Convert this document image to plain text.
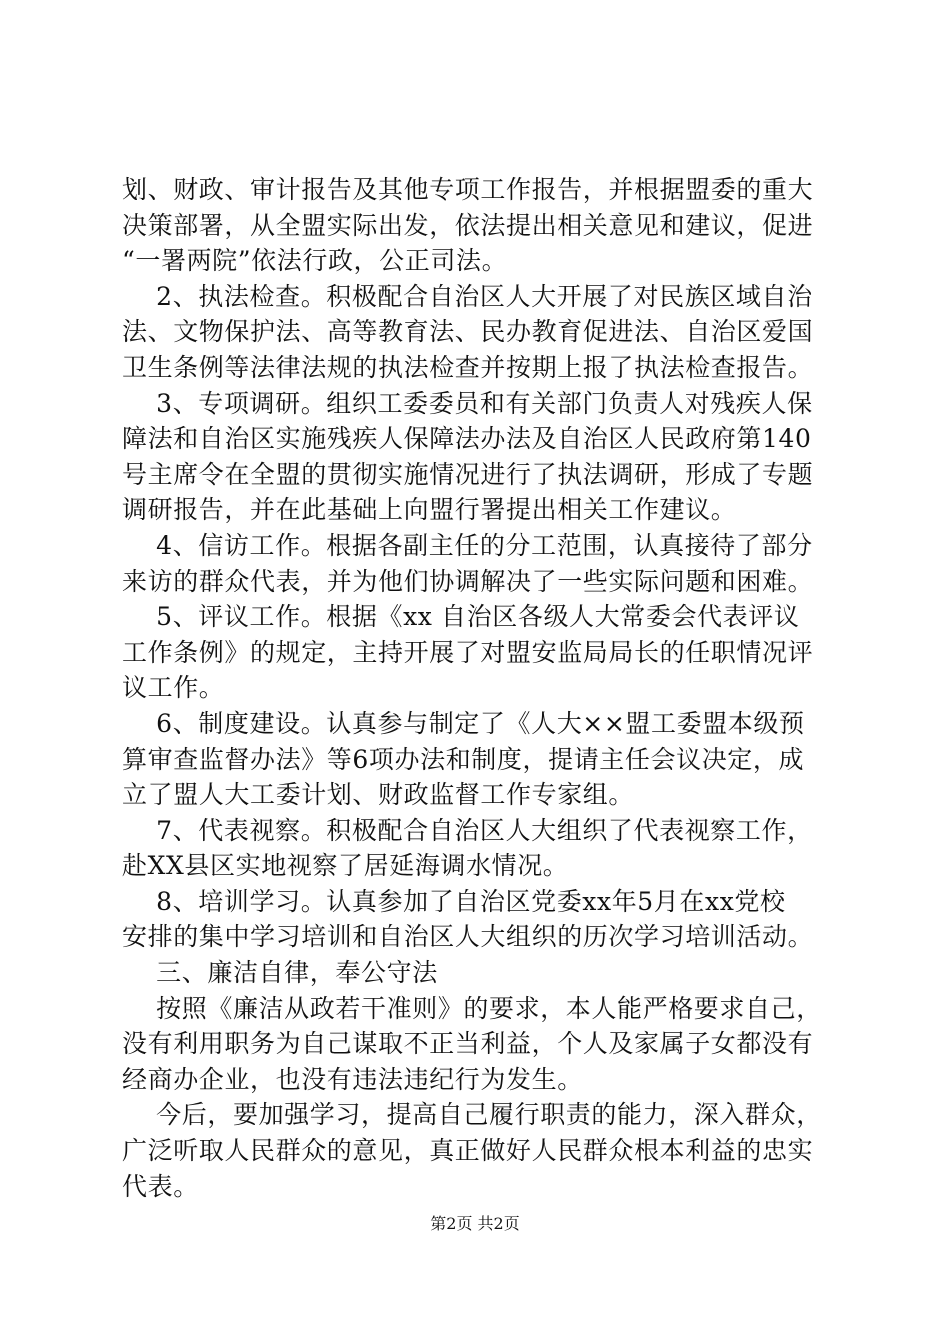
划、财政、审计报告及其他专项工作报告，并根据盟委的重大
决策部署，从全盟实际出发，依法提出相关意见和建议，促进
“一署两院”依法行政，公正司法。
2、执法检查。积极配合自治区人大开展了对民族区域自治
法、文物保护法、高等教育法、民办教育促进法、自治区爱国
卫生条例等法律法规的执法检查并按期上报了执法检查报告。
3、专项调研。组织工委委员和有关部门负责人对残疾人保
障法和自治区实施残疾人保障法办法及自治区人民政府第140
号主席令在全盟的贯彻实施情况进行了执法调研，形成了专题
调研报告，并在此基础上向盟行署提出相关工作建议。
4、信访工作。根据各副主任的分工范围，认真接待了部分
来访的群众代表，并为他们协调解决了一些实际问题和困难。
5、评议工作。根据《xx 自治区各级人大常委会代表评议
工作条例》的规定，主持开展了对盟安监局局长的任职情况评
议工作。
6、制度建设。认真参与制定了《人大××盟工委盟本级预
算审查监督办法》等6项办法和制度，提请主任会议决定，成
立了盟人大工委计划、财政监督工作专家组。
7、代表视察。积极配合自治区人大组织了代表视察工作，
赴XX县区实地视察了居延海调水情况。
8、培训学习。认真参加了自治区党委xx年5月在xx党校
安排的集中学习培训和自治区人大组织的历次学习培训活动。
三、廉洁自律，奉公守法
按照《廉洁从政若干准则》的要求，本人能严格要求自己，
没有利用职务为自己谋取不正当利益，个人及家属子女都没有
经商办企业，也没有违法违纪行为发生。
今后，要加强学习，提高自己履行职责的能力，深入群众，
广泛听取人民群众的意见，真正做好人民群众根本利益的忠实
代表。
第2页 共2页
